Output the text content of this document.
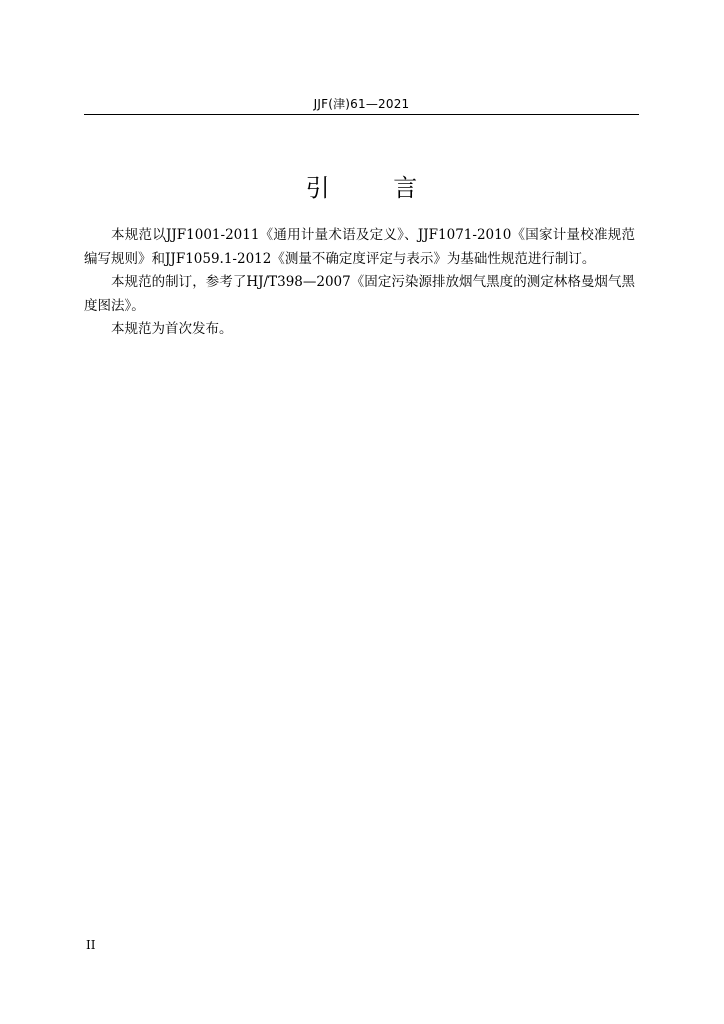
JJF(津)61—2021
引 言

本规范以JJF1001-2011《通用计量术语及定义》、JJF1071-2010《国家计量校准规范编写规则》和JJF1059.1-2012《测量不确定度评定与表示》为基础性规范进行制订。

本规范的制订，参考了HJ/T398—2007《固定污染源排放烟气黑度的测定林格曼烟气黑度图法》。

本规范为首次发布。

II
